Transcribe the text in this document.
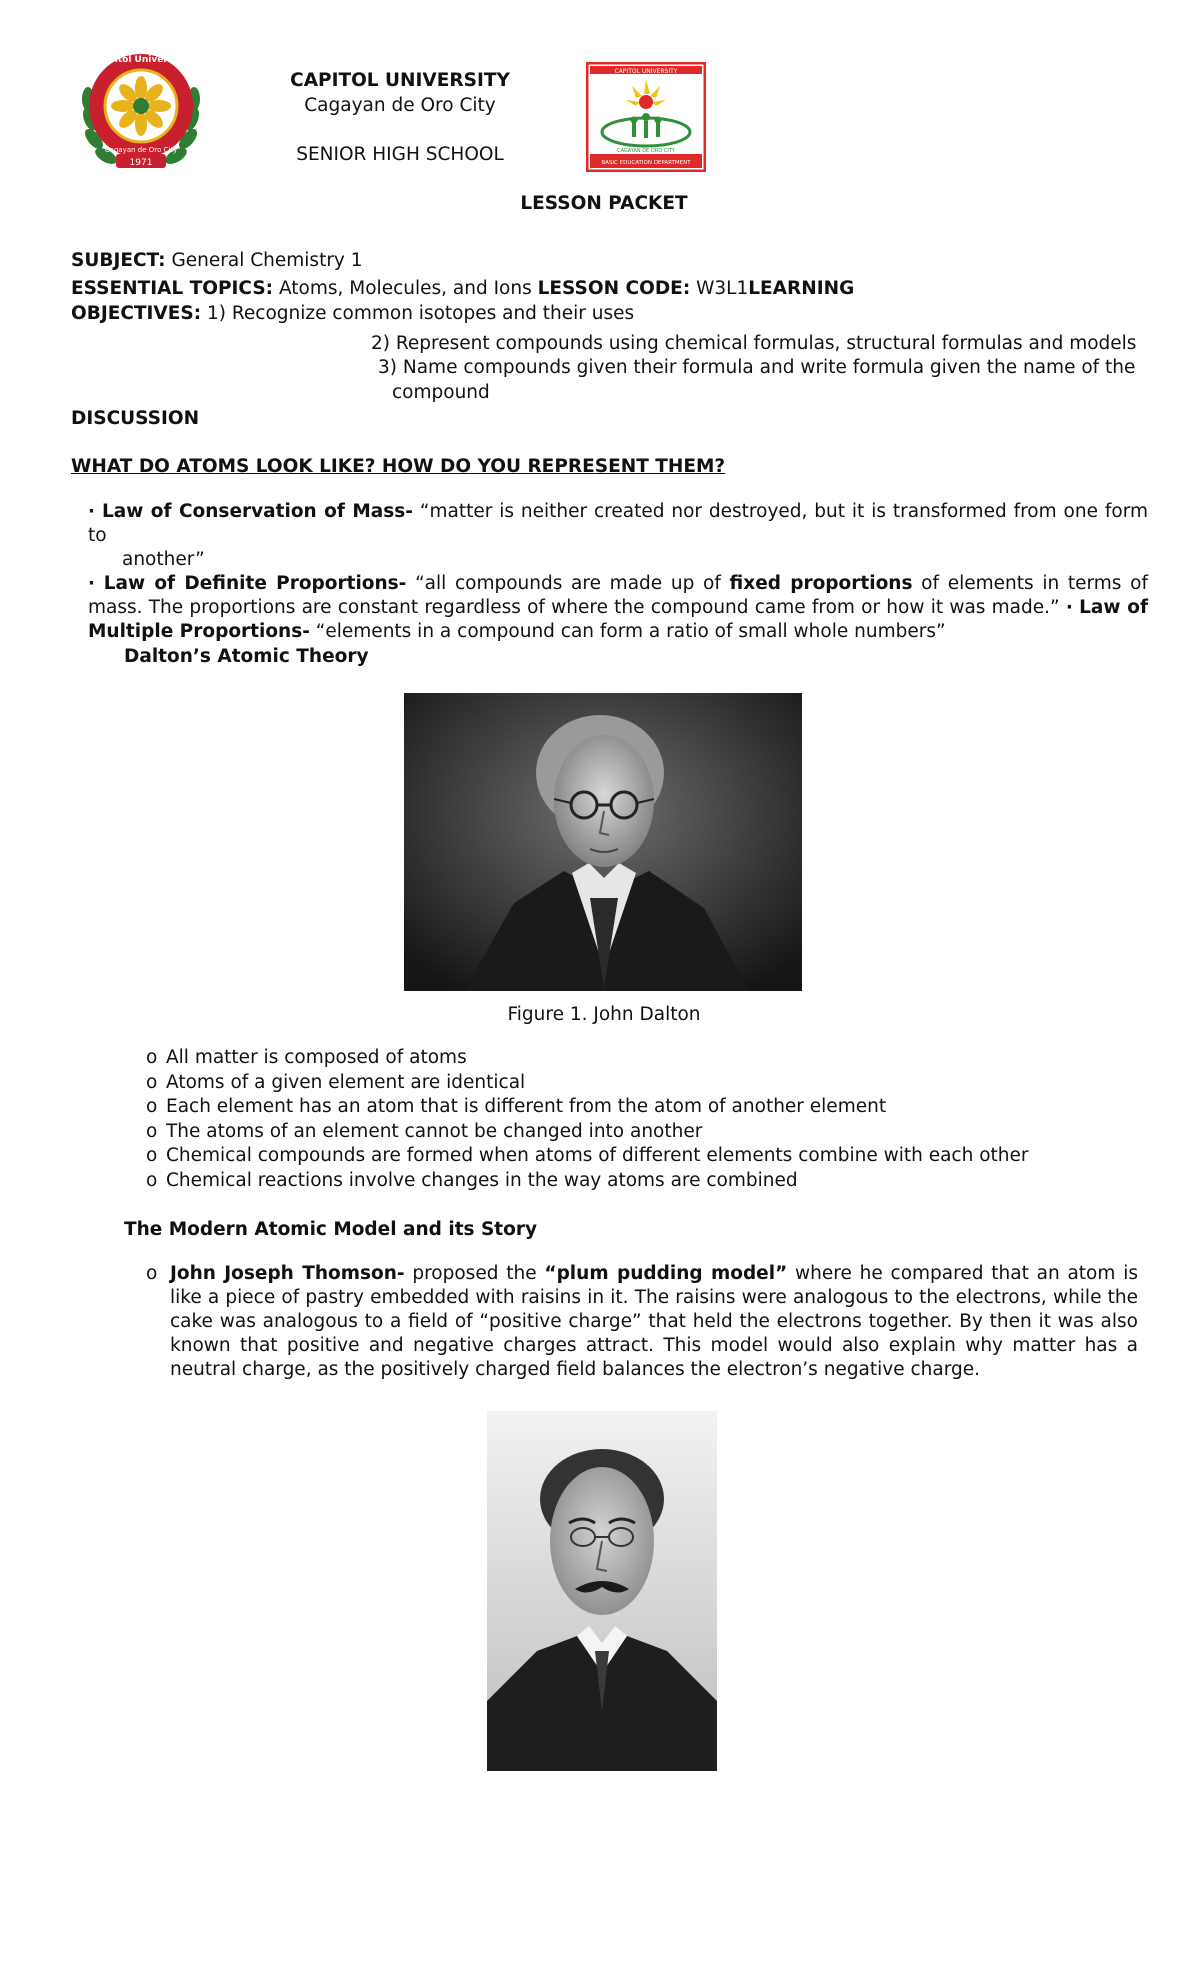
1971
Capitol University
Cagayan de Oro City
CAPITOL UNIVERSITY
Cagayan de Oro City
SENIOR HIGH SCHOOL
CAPITOL UNIVERSITY
CAGAYAN DE ORO CITY
BASIC EDUCATION DEPARTMENT
LESSON PACKET
SUBJECT: General Chemistry 1
ESSENTIAL TOPICS: Atoms, Molecules, and Ions LESSON CODE: W3L1LEARNING
OBJECTIVES: 1) Recognize common isotopes and their uses
2) Represent compounds using chemical formulas, structural formulas and models
3) Name compounds given their formula and write formula given the name of the
compound
DISCUSSION
WHAT DO ATOMS LOOK LIKE? HOW DO YOU REPRESENT THEM?

· Law of Conservation of Mass- “matter is neither created nor destroyed, but it is transformed from one form to

another”

· Law of Definite Proportions- “all compounds are made up of fixed proportions of elements in terms of mass. The proportions are constant regardless of where the compound came from or how it was made.” · Law of Multiple Proportions- “elements in a compound can form a ratio of small whole numbers”

Dalton’s Atomic Theory
Figure 1. John Dalton
o All matter is composed of atoms
o Atoms of a given element are identical
o Each element has an atom that is different from the atom of another element
o The atoms of an element cannot be changed into another
o Chemical compounds are formed when atoms of different elements combine with each other
o Chemical reactions involve changes in the way atoms are combined
The Modern Atomic Model and its Story
o John Joseph Thomson- proposed the “plum pudding model” where he compared that an atom is like a piece of pastry embedded with raisins in it. The raisins were analogous to the electrons, while the cake was analogous to a field of “positive charge” that held the electrons together. By then it was also known that positive and negative charges attract. This model would also explain why matter has a neutral charge, as the positively charged field balances the electron’s negative charge.
